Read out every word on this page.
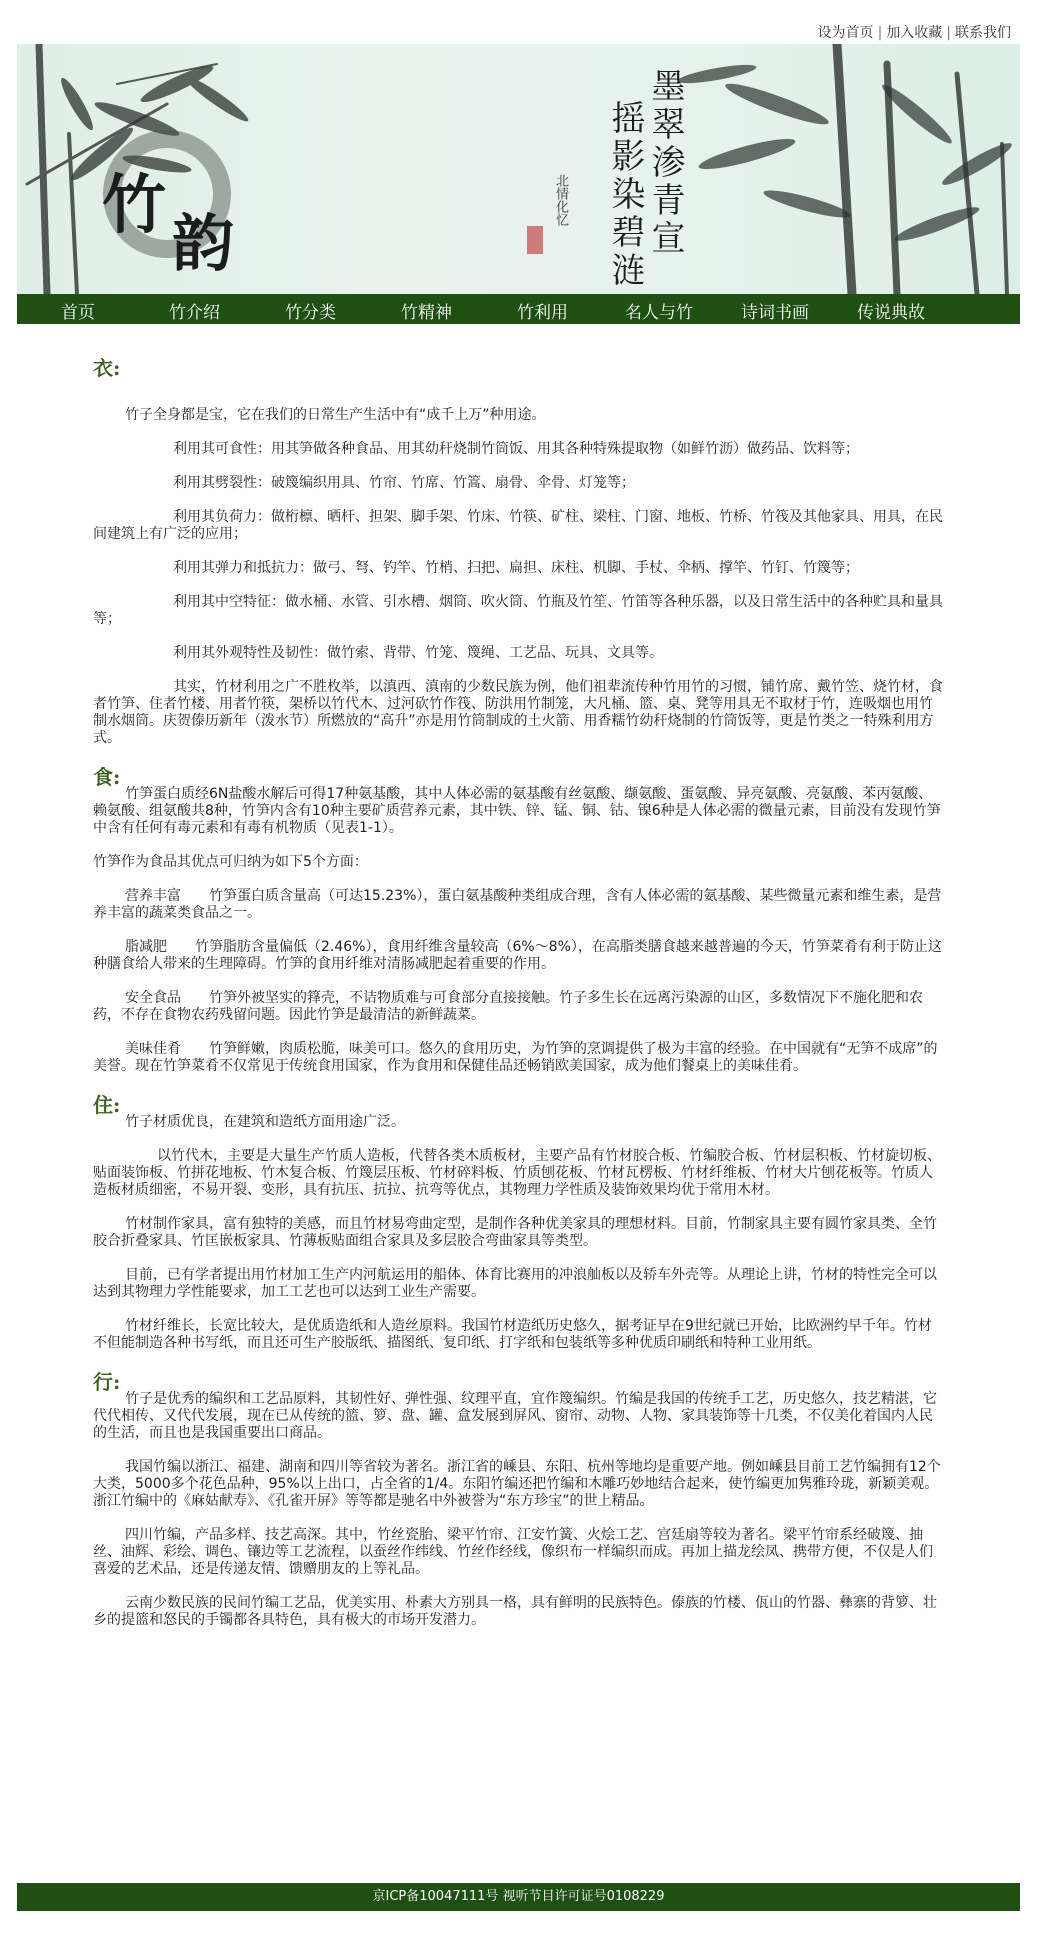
设为首页 | 加入收藏 | 联系我们
竹
韵	墨翠渗青宣
摇影染碧涟
北情化忆
首页	竹介绍	竹分类	竹精神	竹利用	名人与竹	诗词书画	传说典故
衣:

竹子全身都是宝，它在我们的日常生产生活中有“成千上万”种用途。

利用其可食性：用其笋做各种食品、用其幼秆烧制竹筒饭、用其各种特殊提取物（如鲜竹沥）做药品、饮料等；

利用其劈裂性：破篾编织用具、竹帘、竹席、竹篙、扇骨、伞骨、灯笼等；

利用其负荷力：做桁檩、晒杆、担架、脚手架、竹床、竹筷、矿柱、梁柱、门窗、地板、竹桥、竹筏及其他家具、用具，在民间建筑上有广泛的应用；

利用其弹力和抵抗力：做弓、弩、钓竿、竹梢、扫把、扁担、床柱、机脚、手杖、伞柄、撑竿、竹钉、竹篾等；

利用其中空特征：做水桶、水管、引水槽、烟筒、吹火筒、竹瓶及竹笙、竹笛等各种乐器，以及日常生活中的各种贮具和量具等；

利用其外观特性及韧性：做竹索、背带、竹笼、篾绳、工艺品、玩具、文具等。

其实，竹材利用之广不胜枚举，以滇西、滇南的少数民族为例，他们祖辈流传种竹用竹的习惯，铺竹席、戴竹笠、烧竹材，食者竹笋、住者竹楼、用者竹筷，架桥以竹代木、过河砍竹作筏、防洪用竹制笼，大凡桶、篮、桌、凳等用具无不取材于竹，连吸烟也用竹制水烟筒。庆贺傣历新年（泼水节）所燃放的“高升”亦是用竹筒制成的土火箭、用香糯竹幼秆烧制的竹筒饭等，更是竹类之一特殊利用方式。

食:

竹笋蛋白质经6N盐酸水解后可得17种氨基酸，其中人体必需的氨基酸有丝氨酸、缬氨酸、蛋氨酸、异亮氨酸、亮氨酸、苯丙氨酸、赖氨酸、组氨酸共8种，竹笋内含有10种主要矿质营养元素，其中铁、锌、锰、铜、钴、镍6种是人体必需的微量元素，目前没有发现竹笋中含有任何有毒元素和有毒有机物质（见表1-1）。

竹笋作为食品其优点可归纳为如下5个方面：

营养丰富　　竹笋蛋白质含量高（可达15.23%），蛋白氨基酸种类组成合理，含有人体必需的氨基酸、某些微量元素和维生素，是营养丰富的蔬菜类食品之一。

脂减肥　　竹笋脂肪含量偏低（2.46%），食用纤维含量较高（6%～8%），在高脂类膳食越来越普遍的今天，竹笋菜肴有利于防止这种膳食给人带来的生理障碍。竹笋的食用纤维对清肠减肥起着重要的作用。

安全食品　　竹笋外被坚实的箨壳，不诘物质难与可食部分直接接触。竹子多生长在远离污染源的山区，多数情况下不施化肥和农药，不存在食物农药残留问题。因此竹笋是最清洁的新鲜蔬菜。

美味佳肴　　竹笋鲜嫩，肉质松脆，味美可口。悠久的食用历史，为竹笋的烹调提供了极为丰富的经验。在中国就有“无笋不成席”的美誉。现在竹笋菜肴不仅常见于传统食用国家，作为食用和保健佳品还畅销欧美国家，成为他们餐桌上的美味佳肴。

住:

竹子材质优良，在建筑和造纸方面用途广泛。

以竹代木，主要是大量生产竹质人造板，代替各类木质板材，主要产品有竹材胶合板、竹编胶合板、竹材层积板、竹材旋切板、贴面装饰板、竹拼花地板、竹木复合板、竹篾层压板、竹材碎料板、竹质刨花板、竹材瓦楞板、竹材纤维板、竹材大片刨花板等。竹质人造板材质细密，不易开裂、变形，具有抗压、抗拉、抗弯等优点，其物理力学性质及装饰效果均优于常用木材。

竹材制作家具，富有独特的美感，而且竹材易弯曲定型，是制作各种优美家具的理想材料。目前，竹制家具主要有圆竹家具类、全竹胶合折叠家具、竹匡嵌板家具、竹薄板贴面组合家具及多层胶合弯曲家具等类型。

目前，已有学者提出用竹材加工生产内河航运用的船体、体育比赛用的冲浪舢板以及轿车外壳等。从理论上讲，竹材的特性完全可以达到其物理力学性能要求，加工工艺也可以达到工业生产需要。

竹材纤维长，长宽比较大，是优质造纸和人造丝原料。我国竹材造纸历史悠久，据考证早在9世纪就已开始，比欧洲约早千年。竹材不但能制造各种书写纸，而且还可生产胶版纸、描图纸、复印纸、打字纸和包装纸等多种优质印刷纸和特种工业用纸。

行:

竹子是优秀的编织和工艺品原料，其韧性好、弹性强、纹理平直，宜作篾编织。竹编是我国的传统手工艺，历史悠久，技艺精湛，它代代相传、又代代发展，现在已从传统的篮、箩、盘、罐、盒发展到屏风、窗帘、动物、人物、家具装饰等十几类，不仅美化着国内人民的生活，而且也是我国重要出口商品。

我国竹编以浙江、福建、湖南和四川等省较为著名。浙江省的嵊县、东阳、杭州等地均是重要产地。例如嵊县目前工艺竹编拥有12个大类，5000多个花色品种，95%以上出口，占全省的1/4。东阳竹编还把竹编和木雕巧妙地结合起来，使竹编更加隽雅玲珑，新颖美观。浙江竹编中的《麻姑献寿》、《孔雀开屏》等等都是驰名中外被誉为“东方珍宝”的世上精品。

四川竹编，产品多样、技艺高深。其中，竹丝瓷胎、梁平竹帘、江安竹簧、火烩工艺、宫廷扇等较为著名。梁平竹帘系经破篾、抽丝、油辉、彩绘、调色、镶边等工艺流程，以蚕丝作纬线、竹丝作经线，像织布一样编织而成。再加上描龙绘凤、携带方便，不仅是人们喜爱的艺术品，还是传递友情、馈赠朋友的上等礼品。

云南少数民族的民间竹编工艺品，优美实用、朴素大方别具一格，具有鲜明的民族特色。傣族的竹楼、佤山的竹器、彝寨的背箩、壮乡的提篮和怒民的手镯都各具特色，具有极大的市场开发潜力。

京ICP备10047111号 视听节目许可证号0108229
